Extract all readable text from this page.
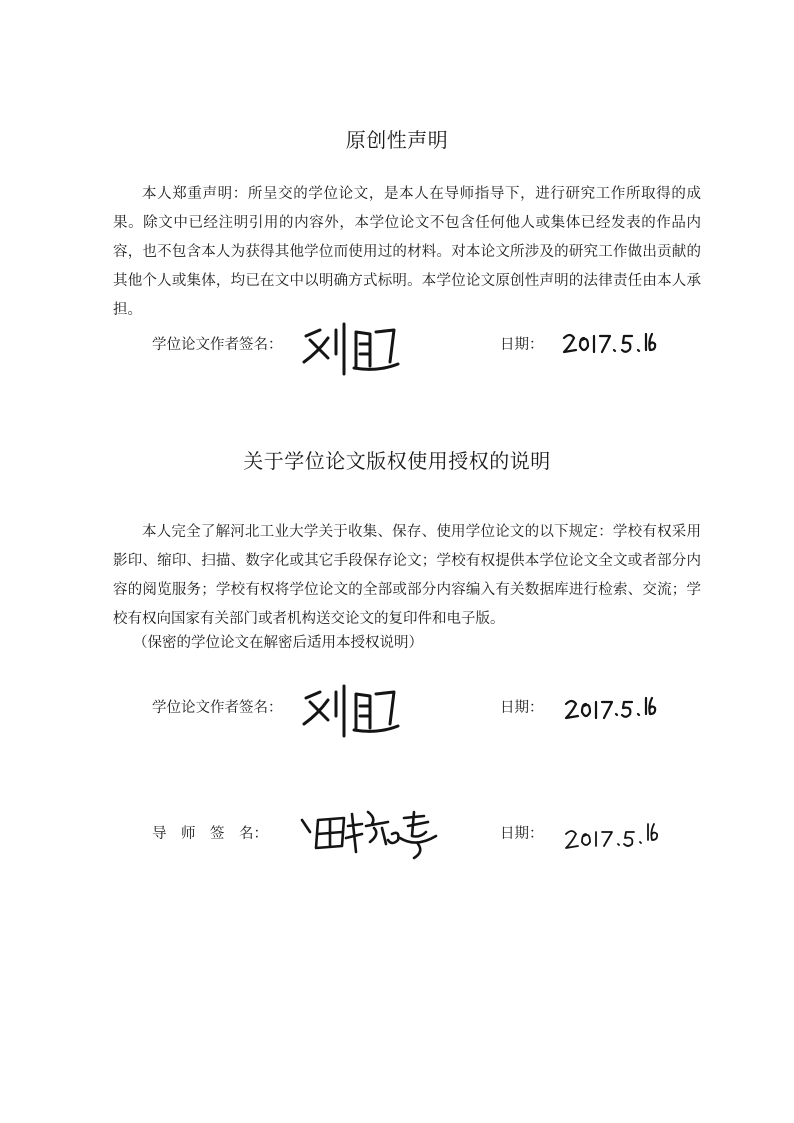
原创性声明
本人郑重声明：所呈交的学位论文，是本人在导师指导下，进行研究工作所取得的成果。除文中已经注明引用的内容外，本学位论文不包含任何他人或集体已经发表的作品内容，也不包含本人为获得其他学位而使用过的材料。对本论文所涉及的研究工作做出贡献的其他个人或集体，均已在文中以明确方式标明。本学位论文原创性声明的法律责任由本人承担。
学位论文作者签名：	日期：
关于学位论文版权使用授权的说明
本人完全了解河北工业大学关于收集、保存、使用学位论文的以下规定：学校有权采用影印、缩印、扫描、数字化或其它手段保存论文；学校有权提供本学位论文全文或者部分内容的阅览服务；学校有权将学位论文的全部或部分内容编入有关数据库进行检索、交流；学校有权向国家有关部门或者机构送交论文的复印件和电子版。
（保密的学位论文在解密后适用本授权说明）
学位论文作者签名：	日期：
导　师　签　名：	日期：
